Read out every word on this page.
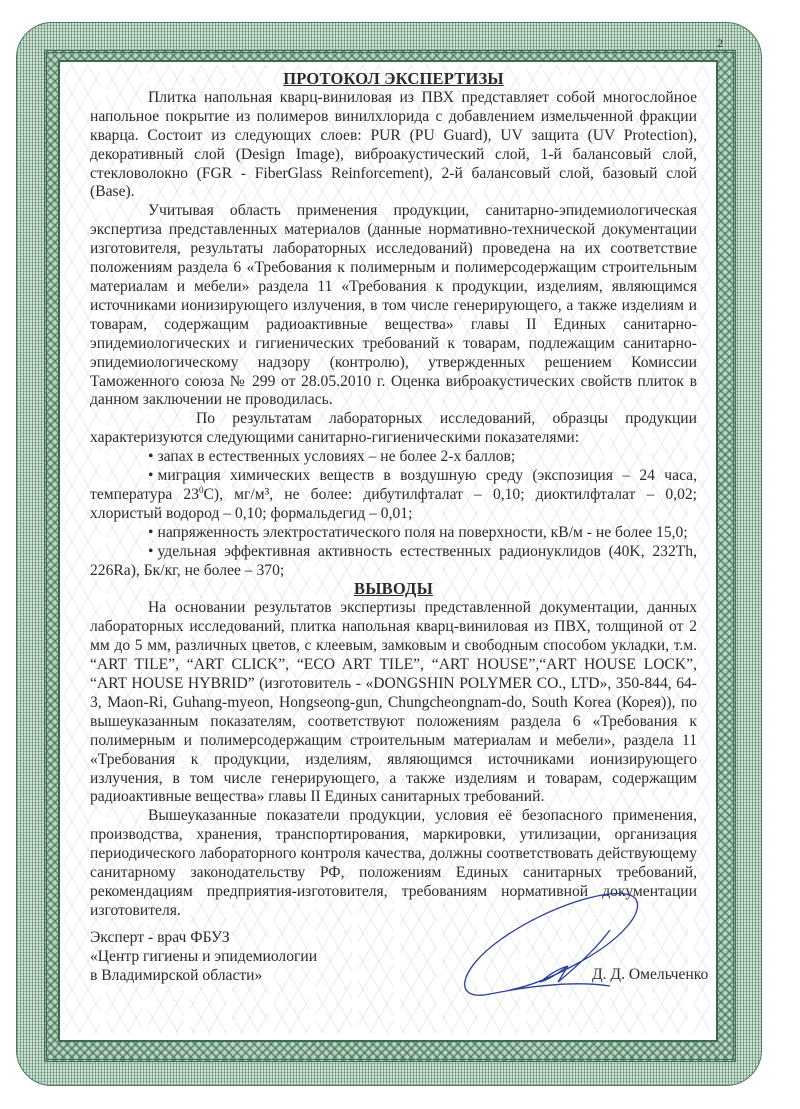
2

ПРОТОКОЛ ЭКСПЕРТИЗЫ

Плитка напольная кварц-виниловая из ПВХ представляет собой многослойное напольное покрытие из полимеров винилхлорида с добавлением измельченной фракции кварца. Состоит из следующих слоев: PUR (PU Guard), UV защита (UV Protection), декоративный слой (Design Image), виброакустический слой, 1-й балансовый слой, стекловолокно (FGR - FiberGlass Reinforcement), 2-й балансовый слой, базовый слой (Base).

Учитывая область применения продукции, санитарно-эпидемиологическая экспертиза представленных материалов (данные нормативно-технической документации изготовителя, результаты лабораторных исследований) проведена на их соответствие положениям раздела 6 «Требования к полимерным и полимерсодержащим строительным материалам и мебели» раздела 11 «Требования к продукции, изделиям, являющимся источниками ионизирующего излучения, в том числе генерирующего, а также изделиям и товарам, содержащим радиоактивные вещества» главы II Единых санитарно-эпидемиологических и гигиенических требований к товарам, подлежащим санитарно-эпидемиологическому надзору (контролю), утвержденных решением Комиссии Таможенного союза № 299 от 28.05.2010 г. Оценка виброакустических свойств плиток в данном заключении не проводилась.

По результатам лабораторных исследований, образцы продукции характеризуются следующими санитарно-гигиеническими показателями:

• запах в естественных условиях – не более 2-х баллов;

• миграция химических веществ в воздушную среду (экспозиция – 24 часа, температура $23^0С$), мг/м³, не более: дибутилфталат – 0,10; диоктилфталат – 0,02; хлористый водород – 0,10; формальдегид – 0,01;

• напряженность электростатического поля на поверхности, кВ/м - не более 15,0;

• удельная эффективная активность естественных радионуклидов (40K, 232Th, 226Ra), Бк/кг, не более – 370;

ВЫВОДЫ

На основании результатов экспертизы представленной документации, данных лабораторных исследований, плитка напольная кварц-виниловая из ПВХ, толщиной от 2 мм до 5 мм, различных цветов, с клеевым, замковым и свободным способом укладки, т.м. “ART TILE”, “ART CLICK”, “ECO ART TILE”, “ART HOUSE”,“ART HOUSE LOCK”, “ART HOUSE HYBRID” (изготовитель - «DONGSHIN POLYMER CO., LTD», 350-844, 64-3, Maon-Ri, Guhang-myeon, Hongseong-gun, Chungcheongnam-do, South Korea (Корея)), по вышеуказанным показателям, соответствуют положениям раздела 6 «Требования к полимерным и полимерсодержащим строительным материалам и мебели», раздела 11 «Требования к продукции, изделиям, являющимся источниками ионизирующего излучения, в том числе генерирующего, а также изделиям и товарам, содержащим радиоактивные вещества» главы II Единых санитарных требований.

Вышеуказанные показатели продукции, условия её безопасного применения, производства, хранения, транспортирования, маркировки, утилизации, организация периодического лабораторного контроля качества, должны соответствовать действующему санитарному законодательству РФ, положениям Единых санитарных требований, рекомендациям предприятия-изготовителя, требованиям нормативной документации изготовителя.

Эксперт - врач ФБУЗ
«Центр гигиены и эпидемиологии
в Владимирской области»	Д. Д. Омельченко
